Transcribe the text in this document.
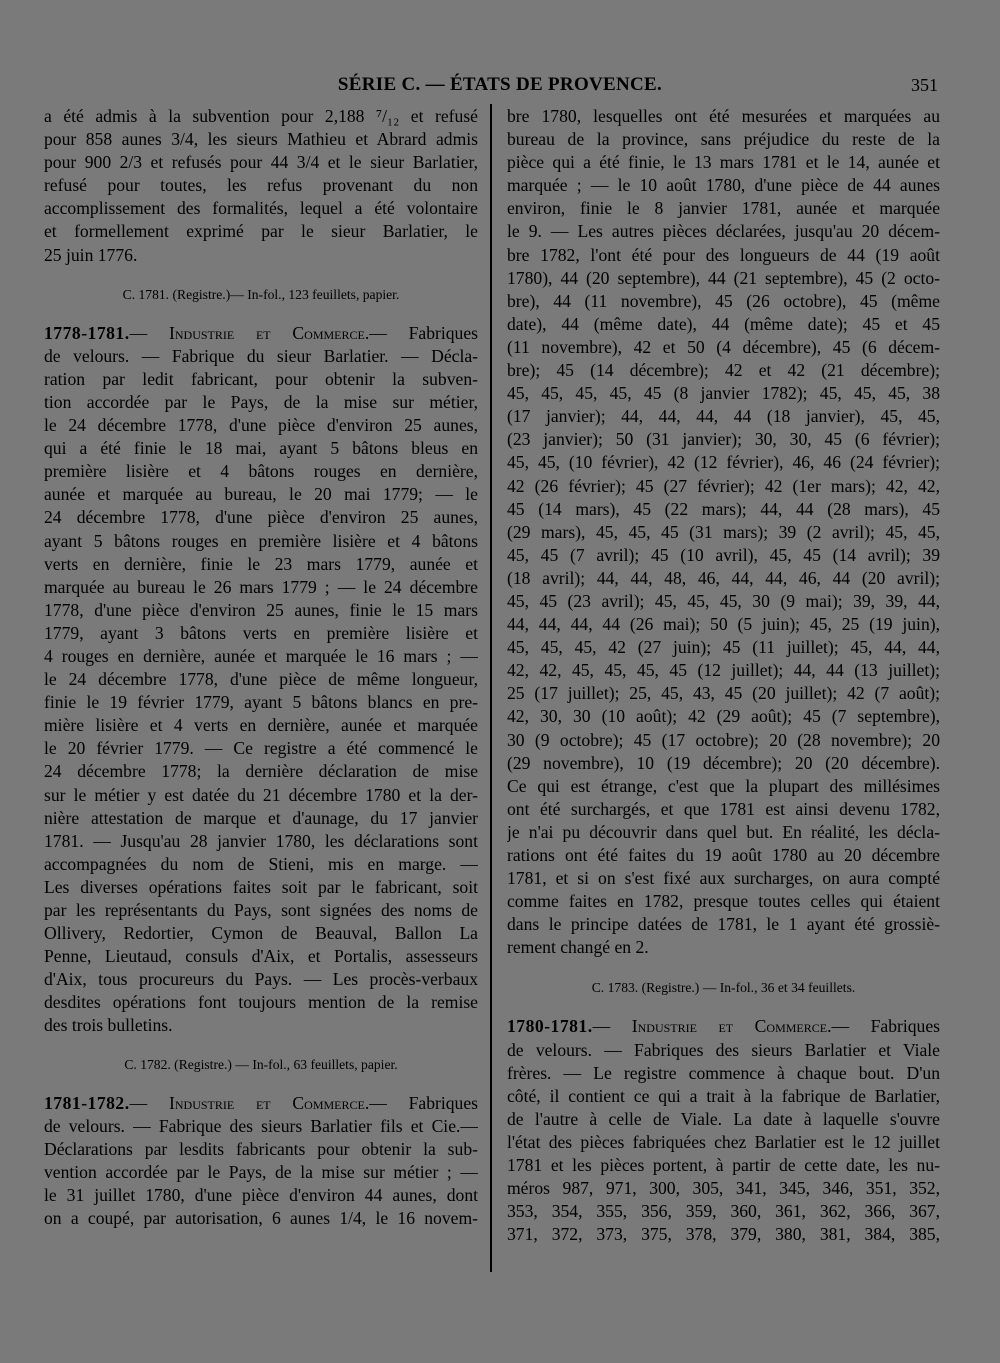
SÉRIE C. — ÉTATS DE PROVENCE.	351
a été admis à la subvention pour 2,188 ⁷/₁₂ et refusé
pour 858 aunes 3/4, les sieurs Mathieu et Abrard admis
pour 900 2/3 et refusés pour 44 3/4 et le sieur Barlatier,
refusé pour toutes, les refus provenant du non
accomplissement des formalités, lequel a été volontaire
et formellement exprimé par le sieur Barlatier, le
25 juin 1776.
C. 1781. (Registre.)— In-fol., 123 feuillets, papier.
1778-1781.— Industrie et Commerce.— Fabriques
de velours. — Fabrique du sieur Barlatier. — Décla-
ration par ledit fabricant, pour obtenir la subven-
tion accordée par le Pays, de la mise sur métier,
le 24 décembre 1778, d'une pièce d'environ 25 aunes,
qui a été finie le 18 mai, ayant 5 bâtons bleus en
première lisière et 4 bâtons rouges en dernière,
aunée et marquée au bureau, le 20 mai 1779; — le
24 décembre 1778, d'une pièce d'environ 25 aunes,
ayant 5 bâtons rouges en première lisière et 4 bâtons
verts en dernière, finie le 23 mars 1779, aunée et
marquée au bureau le 26 mars 1779 ; — le 24 décembre
1778, d'une pièce d'environ 25 aunes, finie le 15 mars
1779, ayant 3 bâtons verts en première lisière et
4 rouges en dernière, aunée et marquée le 16 mars ; —
le 24 décembre 1778, d'une pièce de même longueur,
finie le 19 février 1779, ayant 5 bâtons blancs en pre-
mière lisière et 4 verts en dernière, aunée et marquée
le 20 février 1779. — Ce registre a été commencé le
24 décembre 1778; la dernière déclaration de mise
sur le métier y est datée du 21 décembre 1780 et la der-
nière attestation de marque et d'aunage, du 17 janvier
1781. — Jusqu'au 28 janvier 1780, les déclarations sont
accompagnées du nom de Stieni, mis en marge. —
Les diverses opérations faites soit par le fabricant, soit
par les représentants du Pays, sont signées des noms de
Ollivery, Redortier, Cymon de Beauval, Ballon La
Penne, Lieutaud, consuls d'Aix, et Portalis, assesseurs
d'Aix, tous procureurs du Pays. — Les procès-verbaux
desdites opérations font toujours mention de la remise
des trois bulletins.
C. 1782. (Registre.) — In-fol., 63 feuillets, papier.
1781-1782.— Industrie et Commerce.— Fabriques
de velours. — Fabrique des sieurs Barlatier fils et Cie.—
Déclarations par lesdits fabricants pour obtenir la sub-
vention accordée par le Pays, de la mise sur métier ; —
le 31 juillet 1780, d'une pièce d'environ 44 aunes, dont
on a coupé, par autorisation, 6 aunes 1/4, le 16 novem-
bre 1780, lesquelles ont été mesurées et marquées au
bureau de la province, sans préjudice du reste de la
pièce qui a été finie, le 13 mars 1781 et le 14, aunée et
marquée ; — le 10 août 1780, d'une pièce de 44 aunes
environ, finie le 8 janvier 1781, aunée et marquée
le 9. — Les autres pièces déclarées, jusqu'au 20 décem-
bre 1782, l'ont été pour des longueurs de 44 (19 août
1780), 44 (20 septembre), 44 (21 septembre), 45 (2 octo-
bre), 44 (11 novembre), 45 (26 octobre), 45 (même
date), 44 (même date), 44 (même date); 45 et 45
(11 novembre), 42 et 50 (4 décembre), 45 (6 décem-
bre); 45 (14 décembre); 42 et 42 (21 décembre);
45, 45, 45, 45, 45 (8 janvier 1782); 45, 45, 45, 38
(17 janvier); 44, 44, 44, 44 (18 janvier), 45, 45,
(23 janvier); 50 (31 janvier); 30, 30, 45 (6 février);
45, 45, (10 février), 42 (12 février), 46, 46 (24 février);
42 (26 février); 45 (27 février); 42 (1er mars); 42, 42,
45 (14 mars), 45 (22 mars); 44, 44 (28 mars), 45
(29 mars), 45, 45, 45 (31 mars); 39 (2 avril); 45, 45,
45, 45 (7 avril); 45 (10 avril), 45, 45 (14 avril); 39
(18 avril); 44, 44, 48, 46, 44, 44, 46, 44 (20 avril);
45, 45 (23 avril); 45, 45, 45, 30 (9 mai); 39, 39, 44,
44, 44, 44, 44 (26 mai); 50 (5 juin); 45, 25 (19 juin),
45, 45, 45, 42 (27 juin); 45 (11 juillet); 45, 44, 44,
42, 42, 45, 45, 45, 45 (12 juillet); 44, 44 (13 juillet);
25 (17 juillet); 25, 45, 43, 45 (20 juillet); 42 (7 août);
42, 30, 30 (10 août); 42 (29 août); 45 (7 septembre),
30 (9 octobre); 45 (17 octobre); 20 (28 novembre); 20
(29 novembre), 10 (19 décembre); 20 (20 décembre).
Ce qui est étrange, c'est que la plupart des millésimes
ont été surchargés, et que 1781 est ainsi devenu 1782,
je n'ai pu découvrir dans quel but. En réalité, les décla-
rations ont été faites du 19 août 1780 au 20 décembre
1781, et si on s'est fixé aux surcharges, on aura compté
comme faites en 1782, presque toutes celles qui étaient
dans le principe datées de 1781, le 1 ayant été grossiè-
rement changé en 2.
C. 1783. (Registre.) — In-fol., 36 et 34 feuillets.
1780-1781.— Industrie et Commerce.— Fabriques
de velours. — Fabriques des sieurs Barlatier et Viale
frères. — Le registre commence à chaque bout. D'un
côté, il contient ce qui a trait à la fabrique de Barlatier,
de l'autre à celle de Viale. La date à laquelle s'ouvre
l'état des pièces fabriquées chez Barlatier est le 12 juillet
1781 et les pièces portent, à partir de cette date, les nu-
méros 987, 971, 300, 305, 341, 345, 346, 351, 352,
353, 354, 355, 356, 359, 360, 361, 362, 366, 367,
371, 372, 373, 375, 378, 379, 380, 381, 384, 385,
